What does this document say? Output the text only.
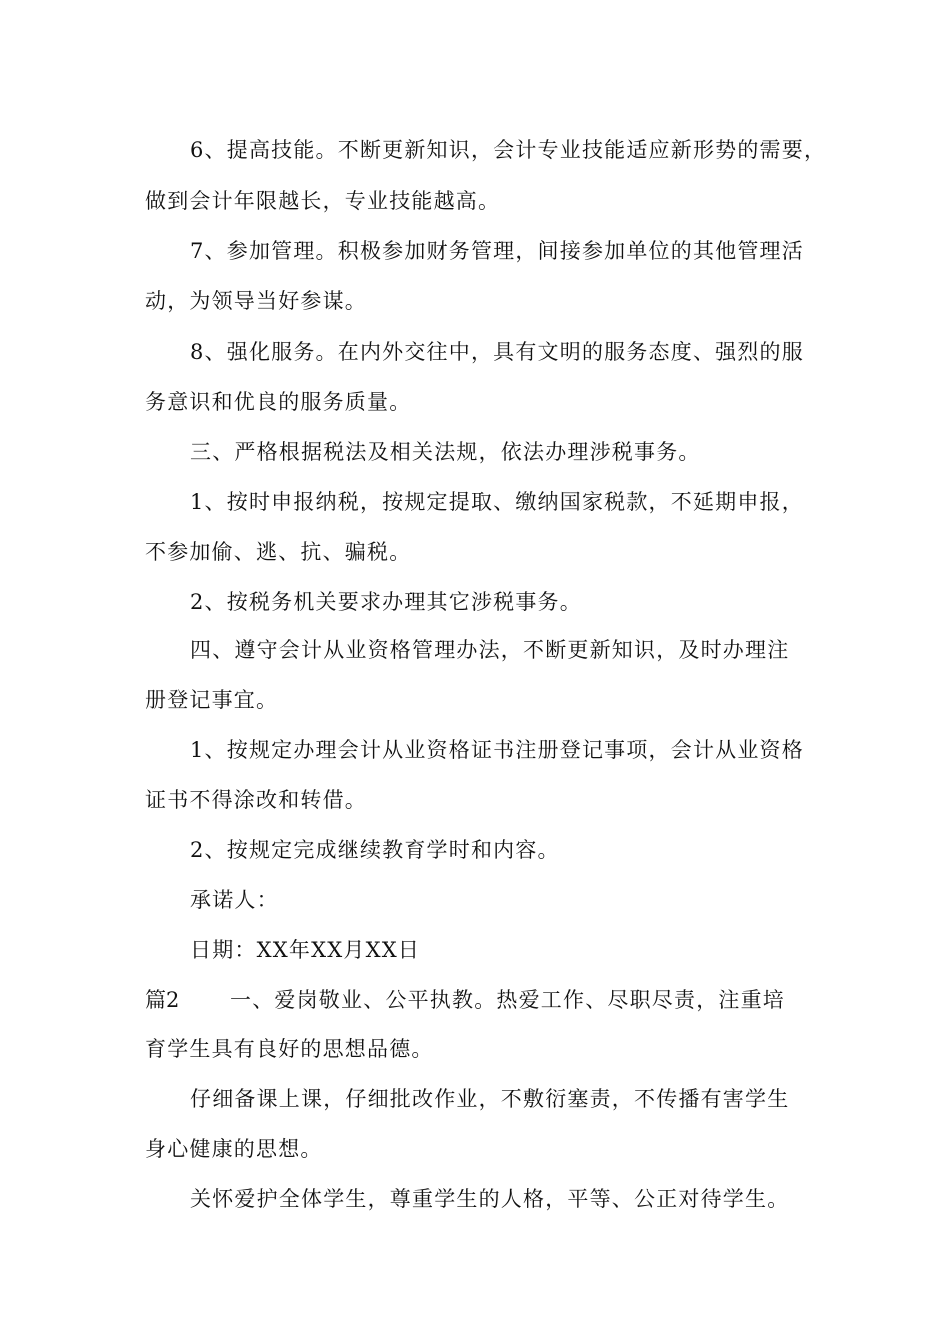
6、提高技能。不断更新知识，会计专业技能适应新形势的需要，
做到会计年限越长，专业技能越高。
7、参加管理。积极参加财务管理，间接参加单位的其他管理活
动，为领导当好参谋。
8、强化服务。在内外交往中，具有文明的服务态度、强烈的服
务意识和优良的服务质量。
三、严格根据税法及相关法规，依法办理涉税事务。
1、按时申报纳税，按规定提取、缴纳国家税款，不延期申报，
不参加偷、逃、抗、骗税。
2、按税务机关要求办理其它涉税事务。
四、遵守会计从业资格管理办法，不断更新知识，及时办理注
册登记事宜。
1、按规定办理会计从业资格证书注册登记事项，会计从业资格
证书不得涂改和转借。
2、按规定完成继续教育学时和内容。
承诺人：
日期：XX年XX月XX日
篇2 一、爱岗敬业、公平执教。热爱工作、尽职尽责，注重培
育学生具有良好的思想品德。
仔细备课上课，仔细批改作业，不敷衍塞责，不传播有害学生
身心健康的思想。
关怀爱护全体学生，尊重学生的人格，平等、公正对待学生。
